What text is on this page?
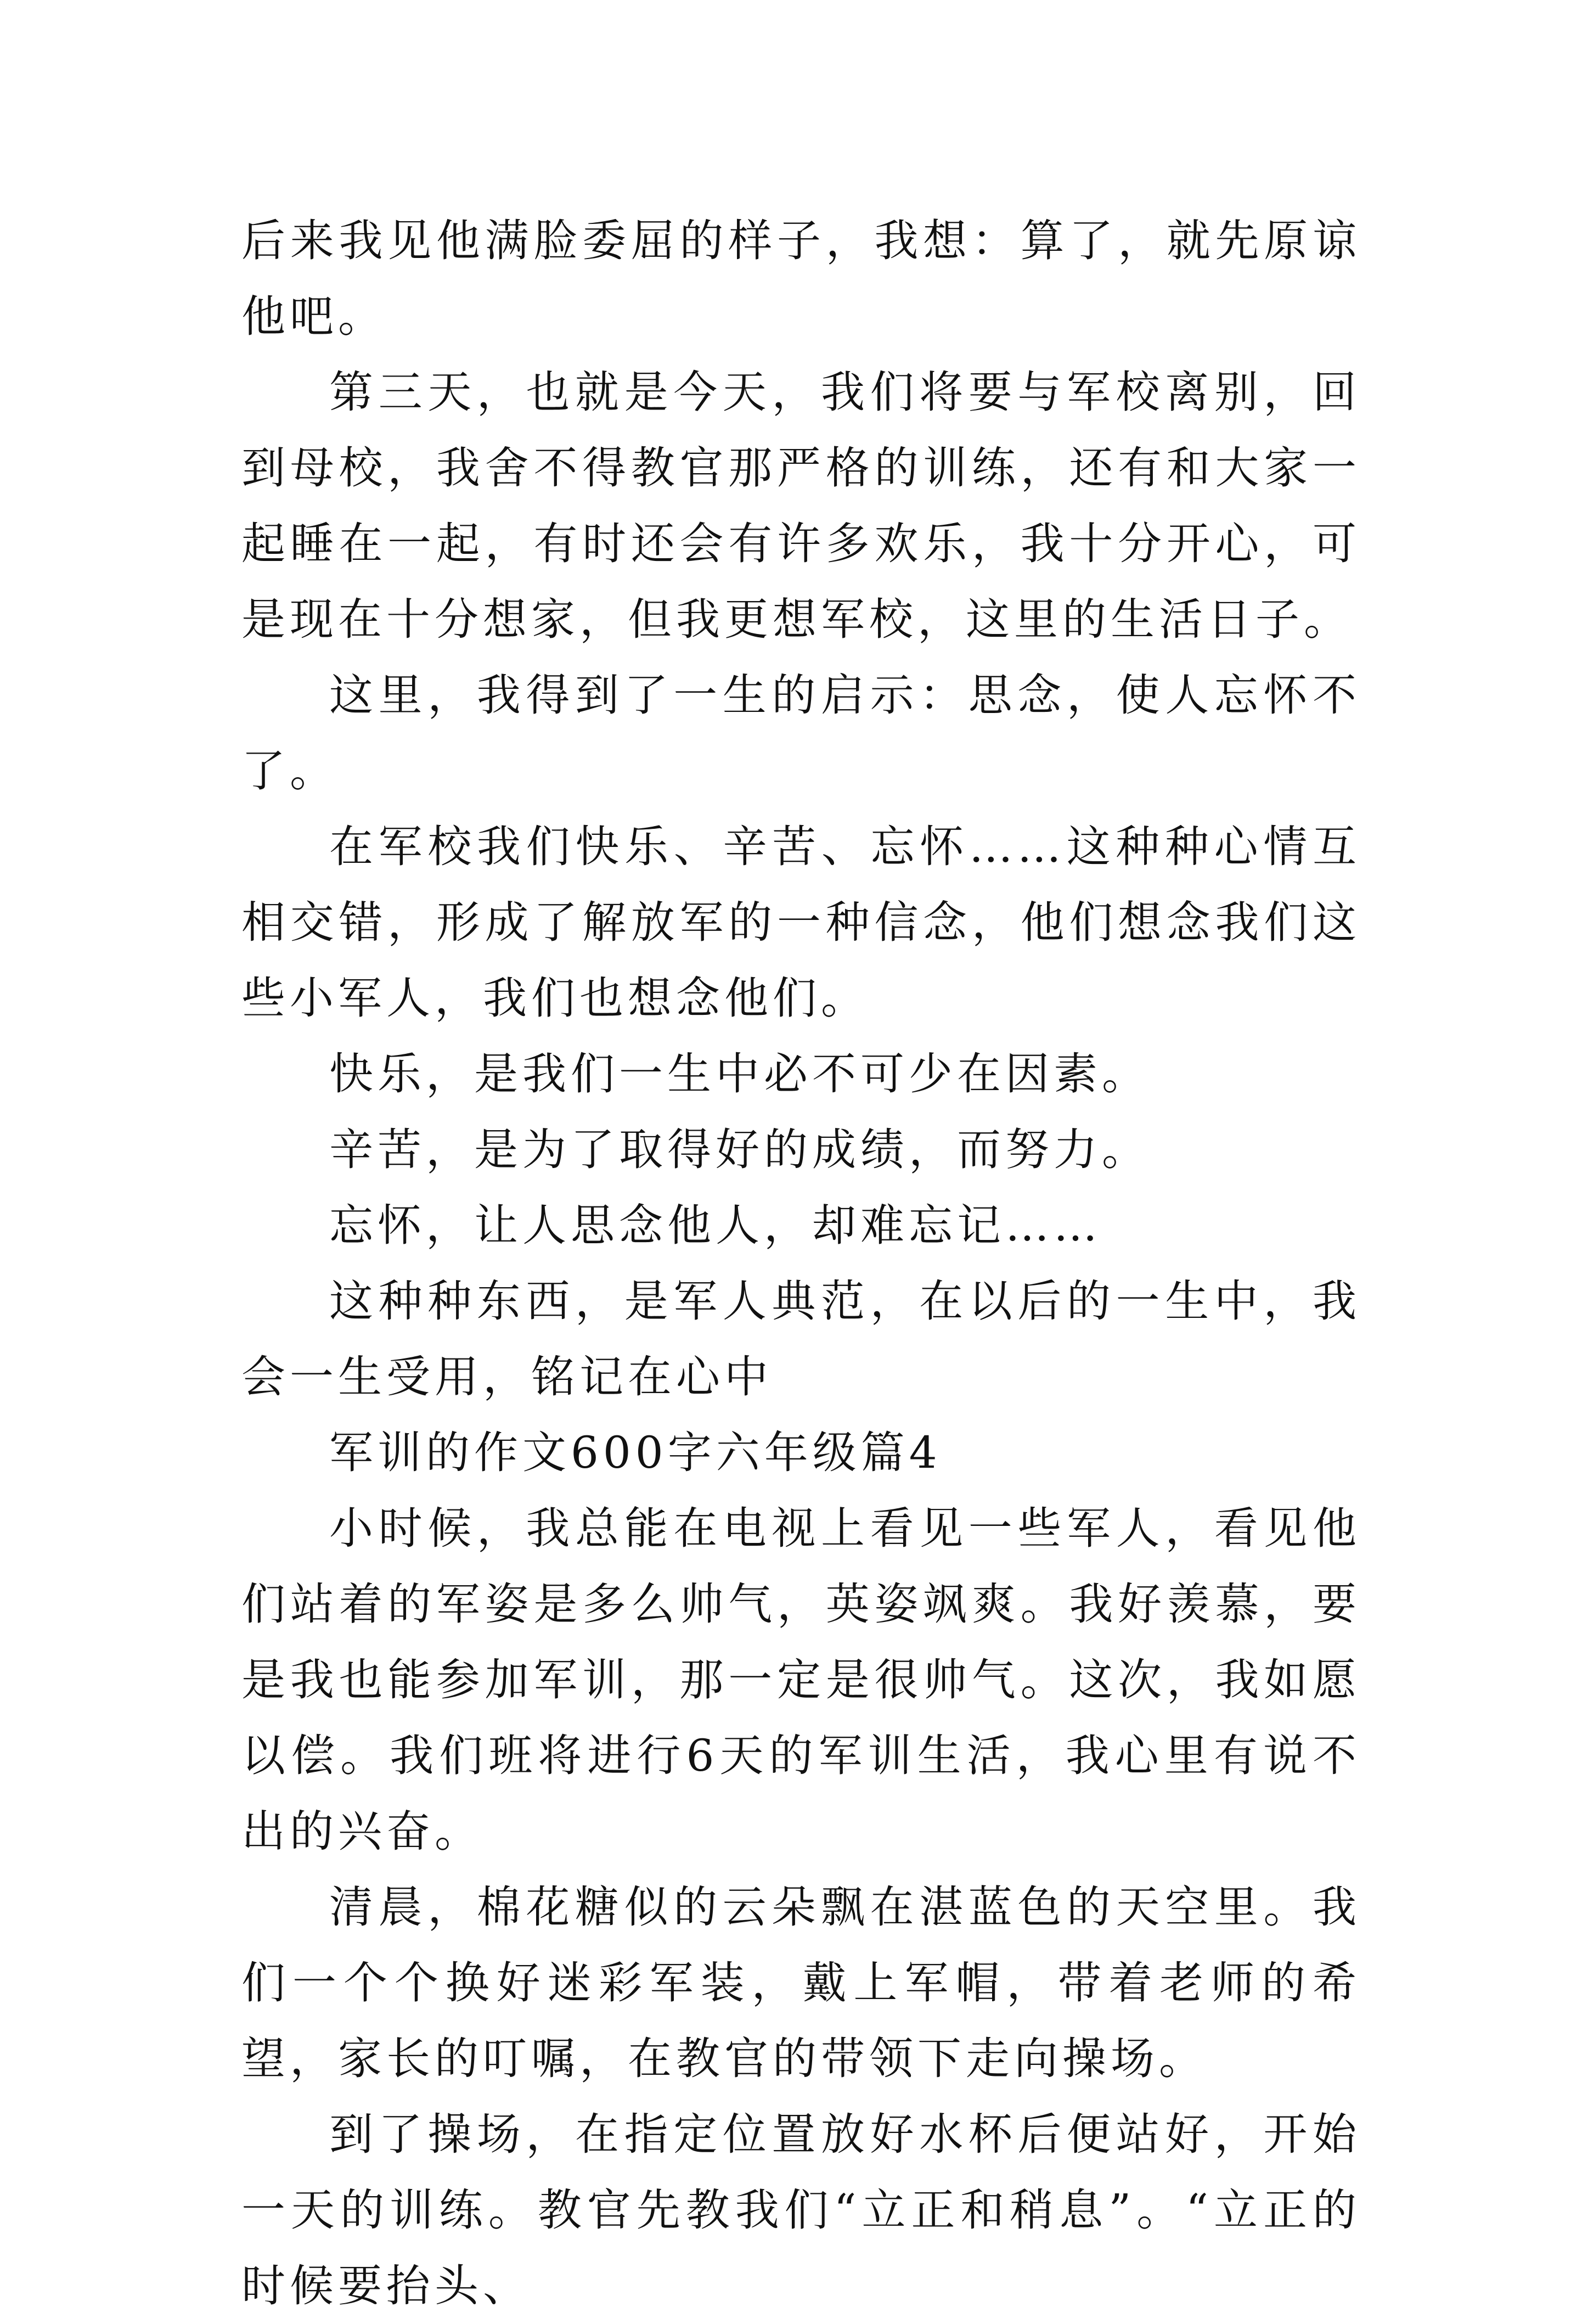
后来我见他满脸委屈的样子，我想：算了，就先原谅他吧。

第三天，也就是今天，我们将要与军校离别，回到母校，我舍不得教官那严格的训练，还有和大家一起睡在一起，有时还会有许多欢乐，我十分开心，可是现在十分想家，但我更想军校，这里的生活日子。

这里，我得到了一生的启示：思念，使人忘怀不了。

在军校我们快乐、辛苦、忘怀……这种种心情互相交错，形成了解放军的一种信念，他们想念我们这些小军人，我们也想念他们。

快乐，是我们一生中必不可少在因素。

辛苦，是为了取得好的成绩，而努力。

忘怀，让人思念他人，却难忘记……

这种种东西，是军人典范，在以后的一生中，我会一生受用，铭记在心中

军训的作文600字六年级篇4

小时候，我总能在电视上看见一些军人，看见他们站着的军姿是多么帅气，英姿飒爽。我好羡慕，要是我也能参加军训，那一定是很帅气。这次，我如愿以偿。我们班将进行6天的军训生活，我心里有说不出的兴奋。

清晨，棉花糖似的云朵飘在湛蓝色的天空里。我们一个个换好迷彩军装，戴上军帽，带着老师的希望，家长的叮嘱，在教官的带领下走向操场。

到了操场，在指定位置放好水杯后便站好，开始一天的训练。教官先教我们“立正和稍息”。“立正的时候要抬头、
